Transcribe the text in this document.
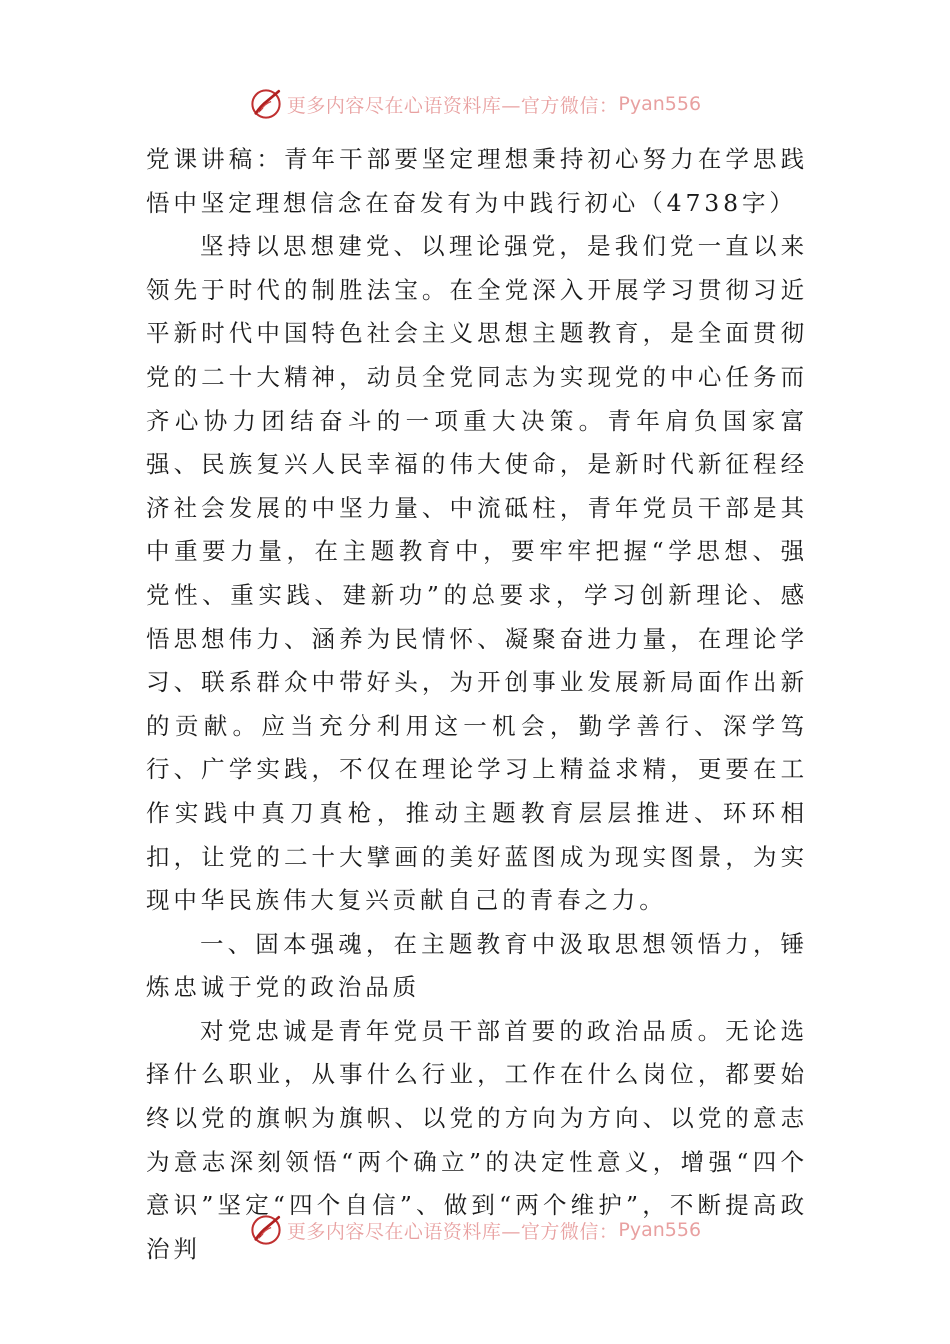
更多内容尽在心语资料库—官方微信： Pyan556

党课讲稿：青年干部要坚定理想秉持初心努力在学思践悟中坚定理想信念在奋发有为中践行初心（4738字）

坚持以思想建党、以理论强党，是我们党一直以来领先于时代的制胜法宝。在全党深入开展学习贯彻习近平新时代中国特色社会主义思想主题教育，是全面贯彻党的二十大精神，动员全党同志为实现党的中心任务而齐心协力团结奋斗的一项重大决策。青年肩负国家富强、民族复兴人民幸福的伟大使命，是新时代新征程经济社会发展的中坚力量、中流砥柱，青年党员干部是其中重要力量，在主题教育中，要牢牢把握“学思想、强党性、重实践、建新功”的总要求，学习创新理论、感悟思想伟力、涵养为民情怀、凝聚奋进力量，在理论学习、联系群众中带好头，为开创事业发展新局面作出新的贡献。应当充分利用这一机会，勤学善行、深学笃行、广学实践，不仅在理论学习上精益求精，更要在工作实践中真刀真枪，推动主题教育层层推进、环环相扣，让党的二十大擘画的美好蓝图成为现实图景，为实现中华民族伟大复兴贡献自己的青春之力。

一、固本强魂，在主题教育中汲取思想领悟力，锤炼忠诚于党的政治品质

对党忠诚是青年党员干部首要的政治品质。无论选择什么职业，从事什么行业，工作在什么岗位，都要始终以党的旗帜为旗帜、以党的方向为方向、以党的意志为意志深刻领悟“两个确立”的决定性意义，增强“四个意识”坚定“四个自信”、做到“两个维护”，不断提高政治判

更多内容尽在心语资料库—官方微信： Pyan556
